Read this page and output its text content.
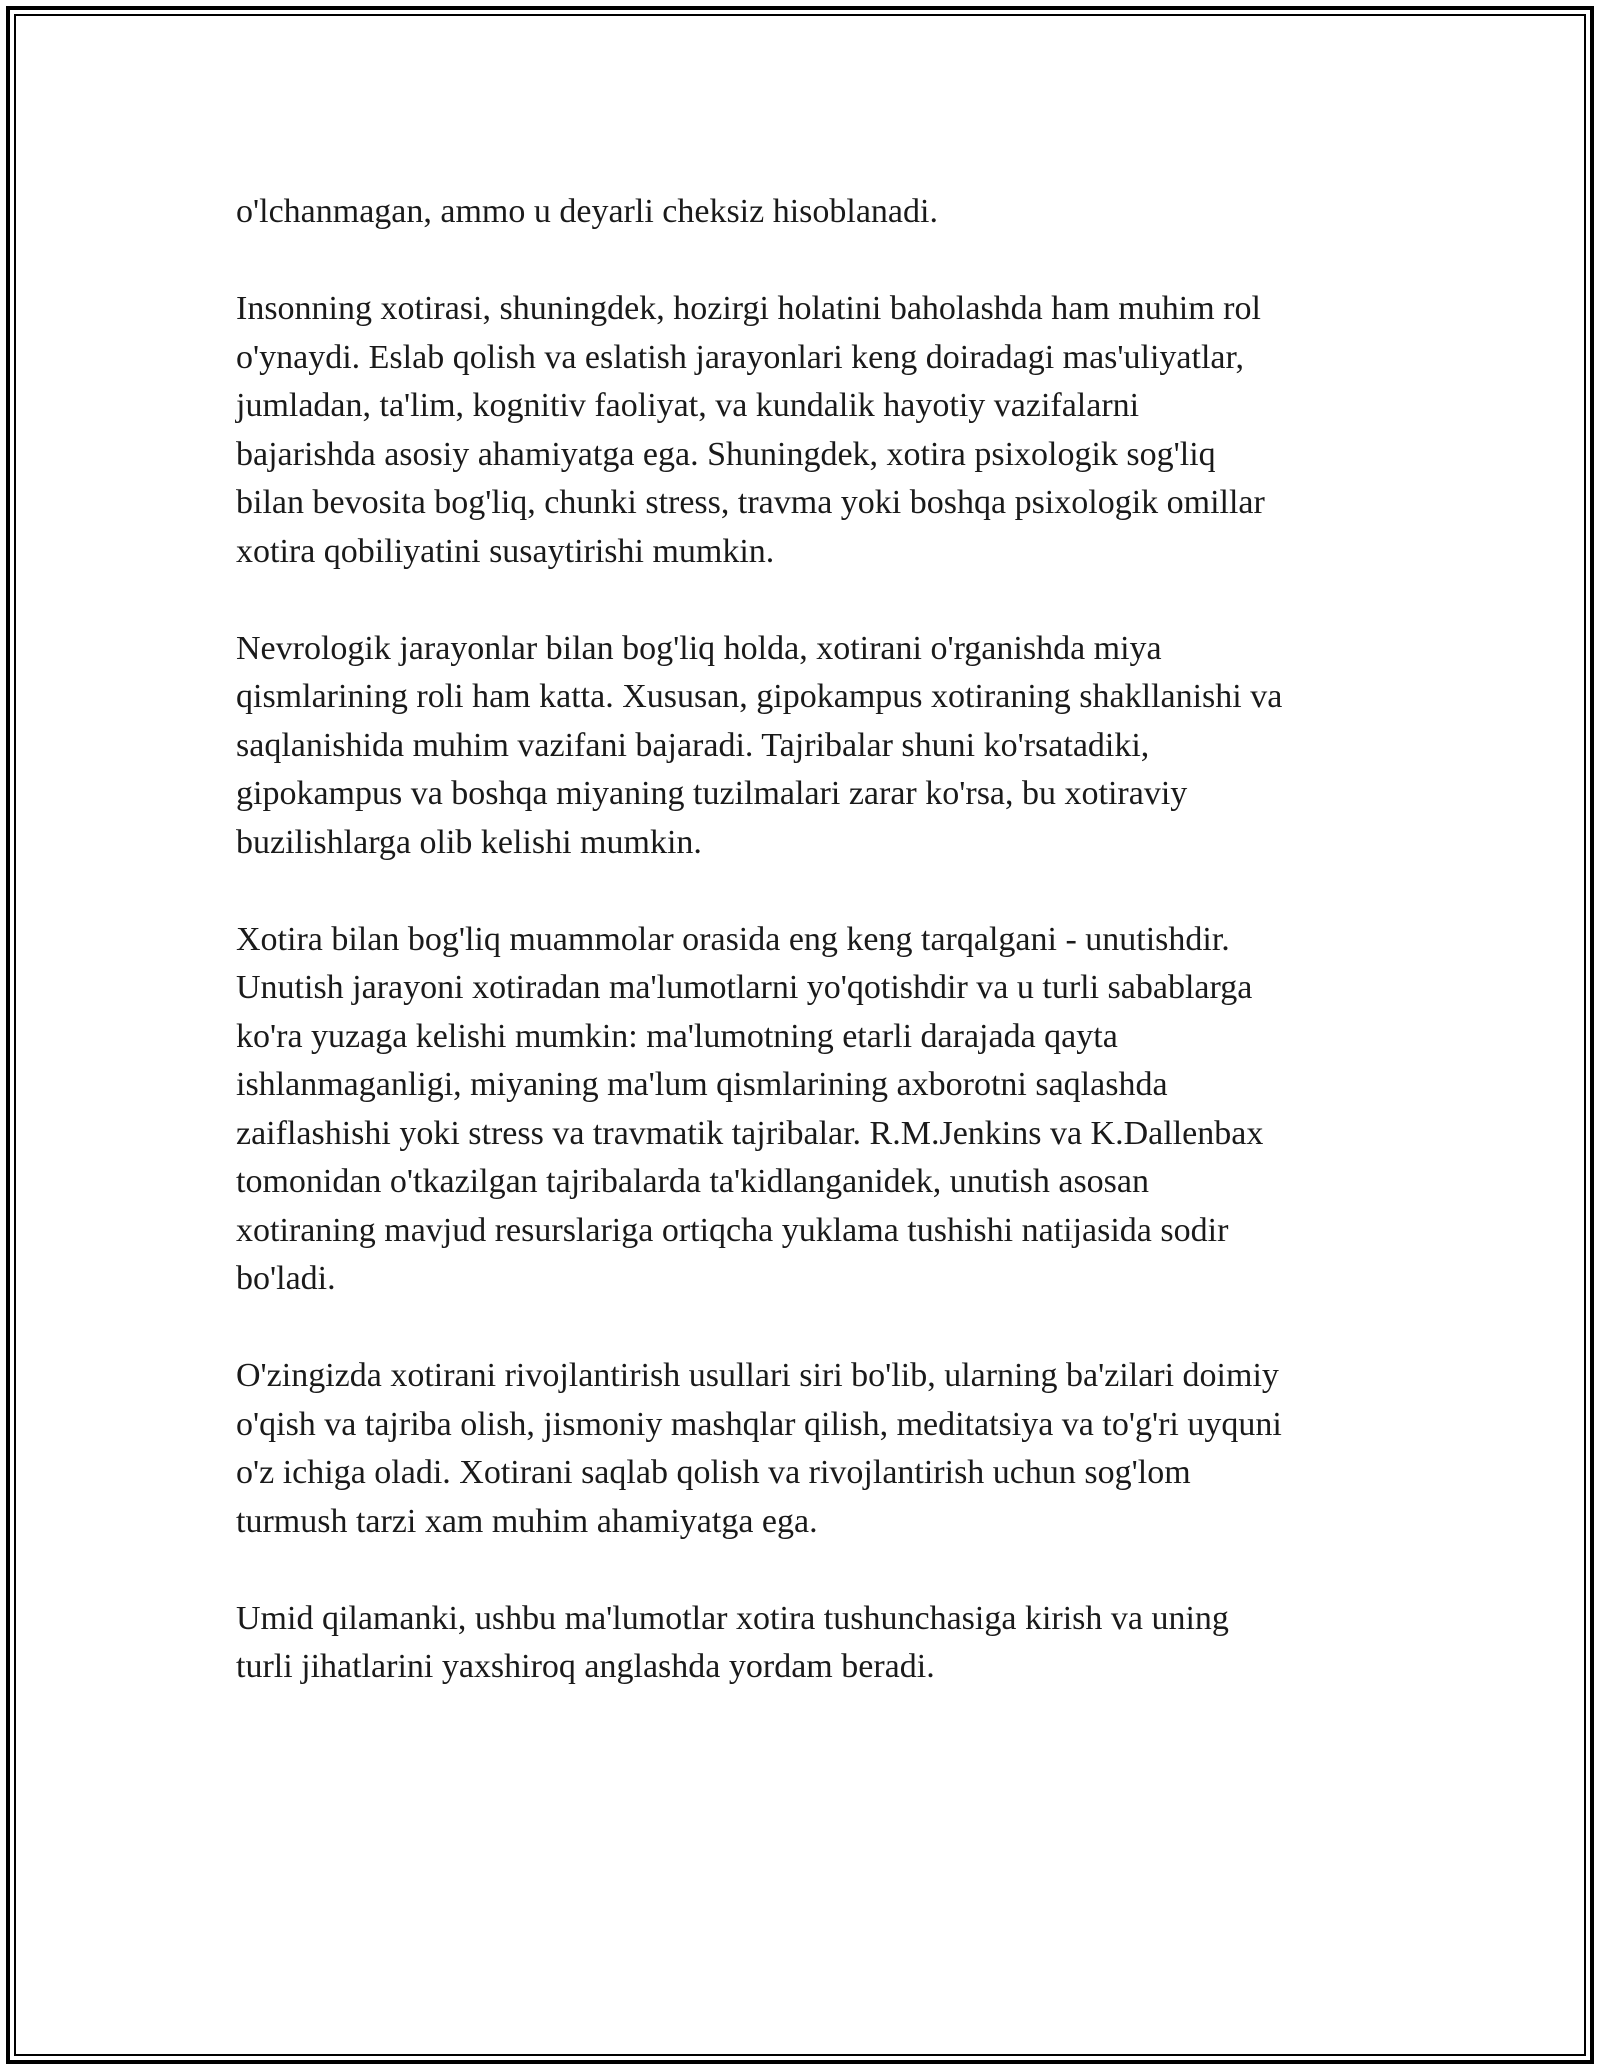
o'lchanmagan, ammo u deyarli cheksiz hisoblanadi.

Insonning xotirasi, shuningdek, hozirgi holatini baholashda ham muhim rol
o'ynaydi. Eslab qolish va eslatish jarayonlari keng doiradagi mas'uliyatlar,
jumladan, ta'lim, kognitiv faoliyat, va kundalik hayotiy vazifalarni
bajarishda asosiy ahamiyatga ega. Shuningdek, xotira psixologik sog'liq
bilan bevosita bog'liq, chunki stress, travma yoki boshqa psixologik omillar
xotira qobiliyatini susaytirishi mumkin.

Nevrologik jarayonlar bilan bog'liq holda, xotirani o'rganishda miya
qismlarining roli ham katta. Xususan, gipokampus xotiraning shakllanishi va
saqlanishida muhim vazifani bajaradi. Tajribalar shuni ko'rsatadiki,
gipokampus va boshqa miyaning tuzilmalari zarar ko'rsa, bu xotiraviy
buzilishlarga olib kelishi mumkin.

Xotira bilan bog'liq muammolar orasida eng keng tarqalgani - unutishdir.
Unutish jarayoni xotiradan ma'lumotlarni yo'qotishdir va u turli sabablarga
ko'ra yuzaga kelishi mumkin: ma'lumotning etarli darajada qayta
ishlanmaganligi, miyaning ma'lum qismlarining axborotni saqlashda
zaiflashishi yoki stress va travmatik tajribalar. R.M.Jenkins va K.Dallenbax
tomonidan o'tkazilgan tajribalarda ta'kidlanganidek, unutish asosan
xotiraning mavjud resurslariga ortiqcha yuklama tushishi natijasida sodir
bo'ladi.

O'zingizda xotirani rivojlantirish usullari siri bo'lib, ularning ba'zilari doimiy
o'qish va tajriba olish, jismoniy mashqlar qilish, meditatsiya va to'g'ri uyquni
o'z ichiga oladi. Xotirani saqlab qolish va rivojlantirish uchun sog'lom
turmush tarzi xam muhim ahamiyatga ega.

Umid qilamanki, ushbu ma'lumotlar xotira tushunchasiga kirish va uning
turli jihatlarini yaxshiroq anglashda yordam beradi.
